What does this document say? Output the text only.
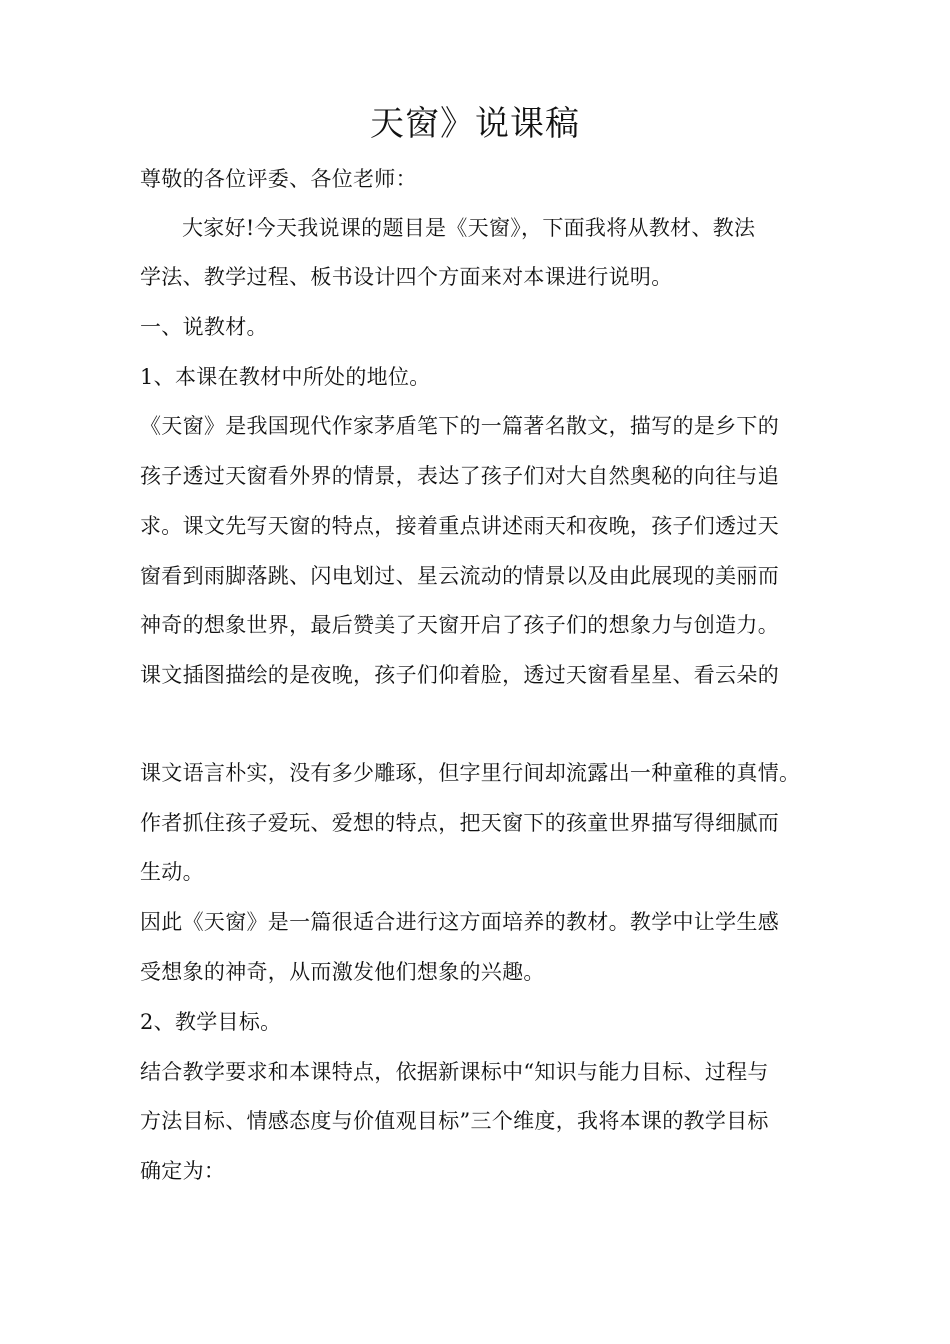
天窗》说课稿
尊敬的各位评委、各位老师：
大家好!今天我说课的题目是《天窗》，下面我将从教材、教法
学法、教学过程、板书设计四个方面来对本课进行说明。
一、说教材。
1、本课在教材中所处的地位。
《天窗》是我国现代作家茅盾笔下的一篇著名散文，描写的是乡下的
孩子透过天窗看外界的情景，表达了孩子们对大自然奥秘的向往与追
求。课文先写天窗的特点，接着重点讲述雨天和夜晚，孩子们透过天
窗看到雨脚落跳、闪电划过、星云流动的情景以及由此展现的美丽而
神奇的想象世界，最后赞美了天窗开启了孩子们的想象力与创造力。
课文插图描绘的是夜晚，孩子们仰着脸，透过天窗看星星、看云朵的
课文语言朴实，没有多少雕琢，但字里行间却流露出一种童稚的真情。
作者抓住孩子爱玩、爱想的特点，把天窗下的孩童世界描写得细腻而
生动。
因此《天窗》是一篇很适合进行这方面培养的教材。教学中让学生感
受想象的神奇，从而激发他们想象的兴趣。
2、教学目标。
结合教学要求和本课特点，依据新课标中“知识与能力目标、过程与
方法目标、情感态度与价值观目标”三个维度，我将本课的教学目标
确定为：
